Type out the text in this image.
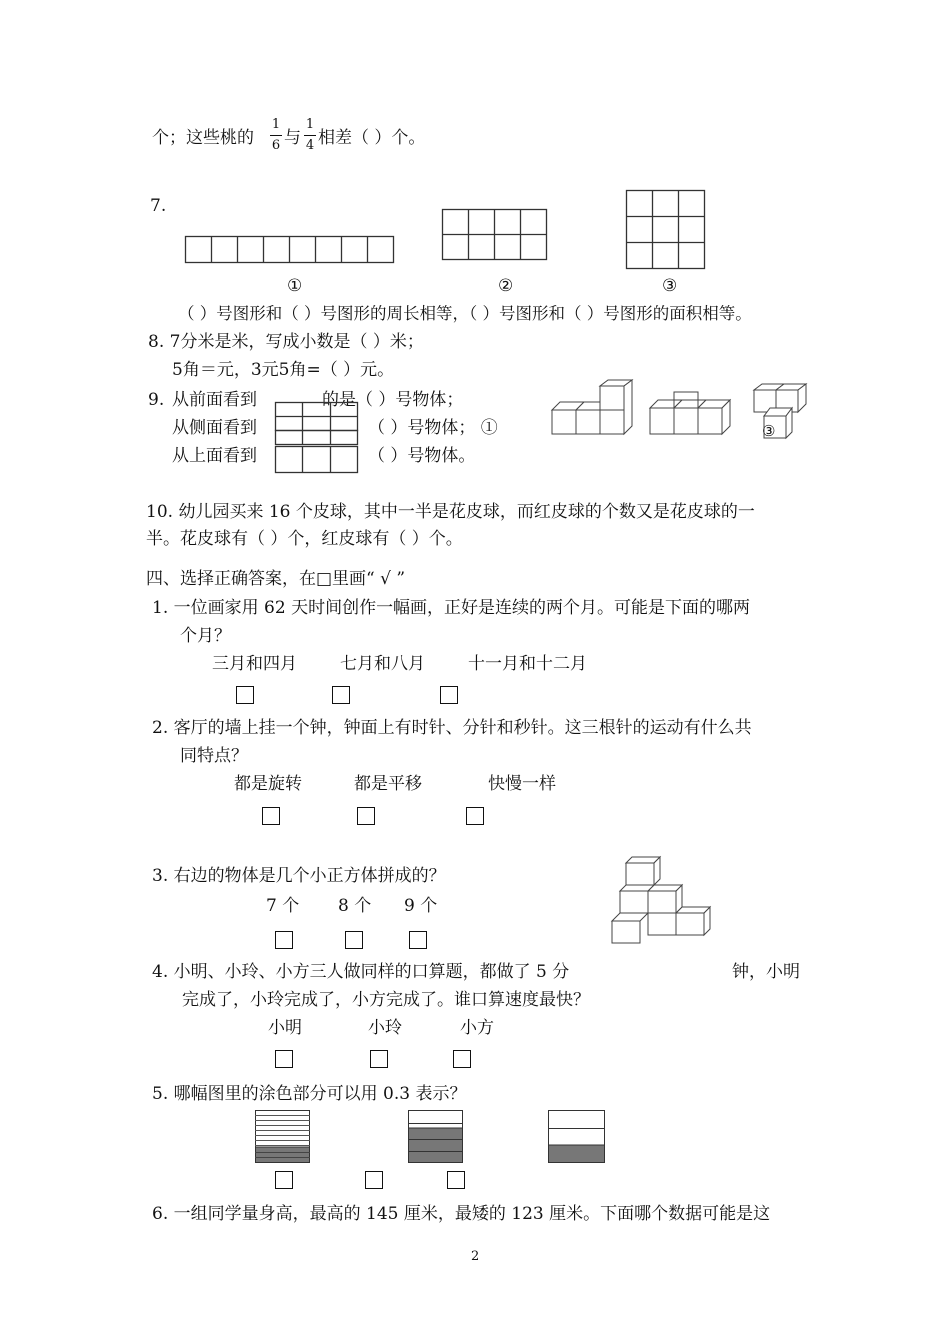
个；这些桃的
1
6 与
1
4 相差（ ）个。
7.
①	②	③
（ ）号图形和（ ）号图形的周长相等，（ ）号图形和（ ）号图形的面积相等。
8. 7分米是米，写成小数是（ ）米；
5角＝元，3元5角=（ ）元。
9. 从前面看到	的是（ ）号物体；
从侧面看到	（ ）号物体； ①
从上面看到	（ ）号物体。
③
10. 幼儿园买来 16 个皮球，其中一半是花皮球，而红皮球的个数又是花皮球的一
半。花皮球有（ ）个，红皮球有（ ）个。
四、选择正确答案，在□里画“ √ ”
1. 一位画家用 62 天时间创作一幅画，正好是连续的两个月。可能是下面的哪两
个月？
三月和四月	七月和八月	十一月和十二月
2. 客厅的墙上挂一个钟，钟面上有时针、分针和秒针。这三根针的运动有什么共
同特点？
都是旋转	都是平移	快慢一样
3. 右边的物体是几个小正方体拼成的？
7 个 8 个 9 个
4. 小明、小玲、小方三人做同样的口算题，都做了 5 分	钟，小明
完成了，小玲完成了，小方完成了。谁口算速度最快？
小明	小玲	小方
5. 哪幅图里的涂色部分可以用 0.3 表示？
6. 一组同学量身高，最高的 145 厘米，最矮的 123 厘米。下面哪个数据可能是这
2
